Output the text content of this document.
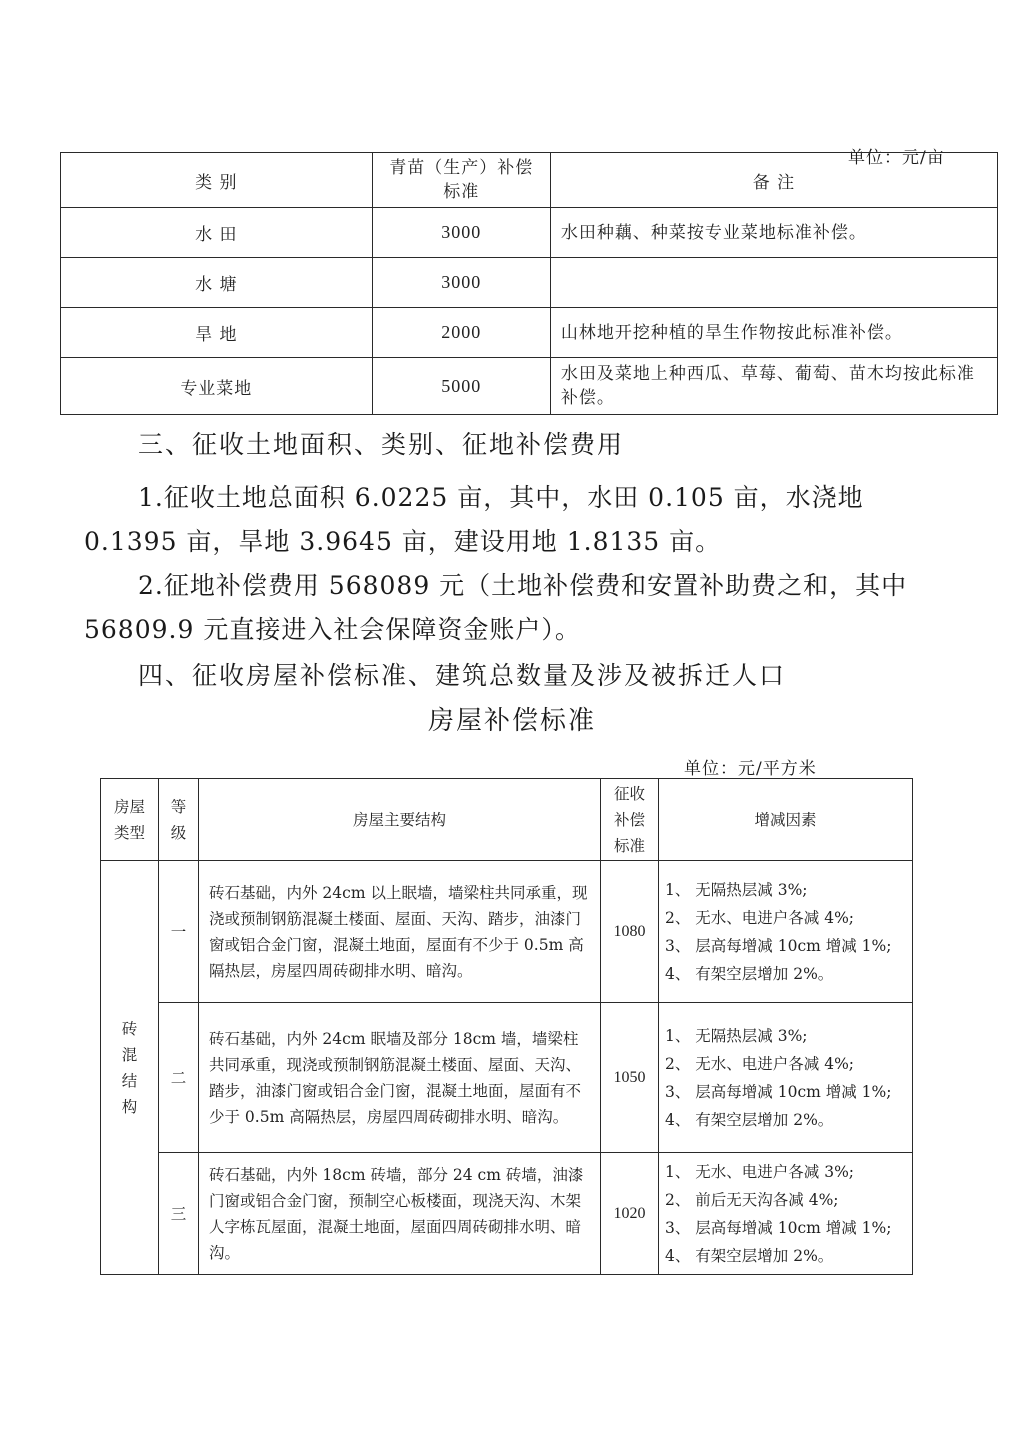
单位：元/亩
类 别	青苗（生产）补偿标准	备 注
水 田	3000	水田种藕、种菜按专业菜地标准补偿。
水 塘	3000	
旱 地	2000	山林地开挖种植的旱生作物按此标准补偿。
专业菜地	5000	水田及菜地上种西瓜、草莓、葡萄、苗木均按此标准补偿。
三、征收土地面积、类别、征地补偿费用
1.征收土地总面积 6.0225 亩，其中，水田 0.105 亩，水浇地 0.1395 亩，旱地 3.9645 亩，建设用地 1.8135 亩。
2.征地补偿费用 568089 元（土地补偿费和安置补助费之和，其中 56809.9 元直接进入社会保障资金账户）。
四、征收房屋补偿标准、建筑总数量及涉及被拆迁人口
房屋补偿标准
单位：元/平方米
房屋类型	等级	房屋主要结构	征收补偿标准	增减因素
砖混结构	一	砖石基础，内外 24cm 以上眠墙，墙梁柱共同承重，现浇或预制钢筋混凝土楼面、屋面、天沟、踏步，油漆门窗或铝合金门窗，混凝土地面，屋面有不少于 0.5m 高隔热层，房屋四周砖砌排水明、暗沟。	1080	1、 无隔热层减 3%;
2、 无水、电进户各减 4%;
3、 层高每增减 10cm 增减 1%;
4、 有架空层增加 2%。

	二	砖石基础，内外 24cm 眠墙及部分 18cm 墙，墙梁柱共同承重，现浇或预制钢筋混凝土楼面、屋面、天沟、踏步，油漆门窗或铝合金门窗，混凝土地面，屋面有不少于 0.5m 高隔热层，房屋四周砖砌排水明、暗沟。	1050	1、 无隔热层减 3%;
2、 无水、电进户各减 4%;
3、 层高每增减 10cm 增减 1%;
4、 有架空层增加 2%。

	三	砖石基础，内外 18cm 砖墙，部分 24 cm 砖墙，油漆门窗或铝合金门窗，预制空心板楼面，现浇天沟、木架人字栋瓦屋面，混凝土地面，屋面四周砖砌排水明、暗沟。	1020	1、 无水、电进户各减 3%;
2、 前后无天沟各减 4%;
3、 层高每增减 10cm 增减 1%;
4、 有架空层增加 2%。
